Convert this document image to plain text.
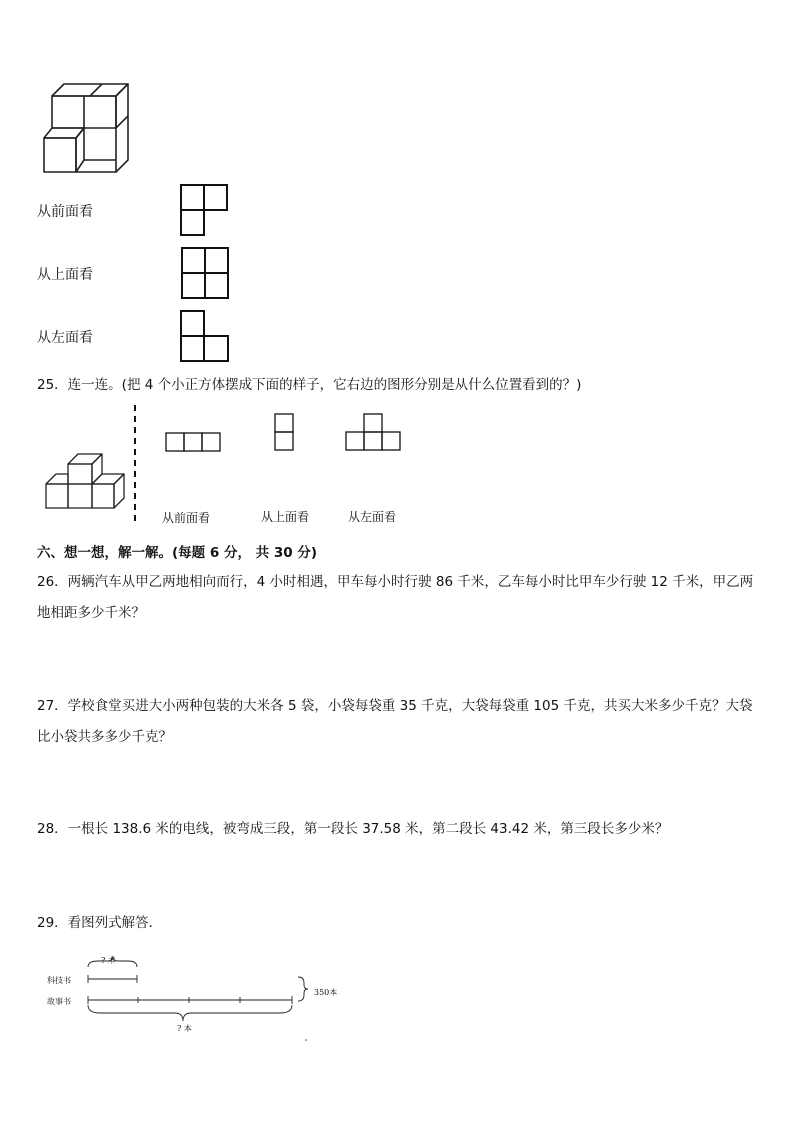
从前面看
从上面看
从左面看
25．连一连。(把 4 个小正方体摆成下面的样子，它右边的图形分别是从什么位置看到的？)
从前面看	从上面看	从左面看
六、想一想，解一解。(每题 6 分， 共 30 分)
26．两辆汽车从甲乙两地相向而行，4 小时相遇，甲车每小时行驶 86 千米，乙车每小时比甲车少行驶 12 千米，甲乙两
地相距多少千米？
27．学校食堂买进大小两种包装的大米各 5 袋，小袋每袋重 35 千克，大袋每袋重 105 千克，共买大米多少千克？大袋
比小袋共多多少千克？
28．一根长 138.6 米的电线，被弯成三段，第一段长 37.58 米，第二段长 43.42 米，第三段长多少米？
29．看图列式解答．
科技书
故事书
? 本
350本
? 本
